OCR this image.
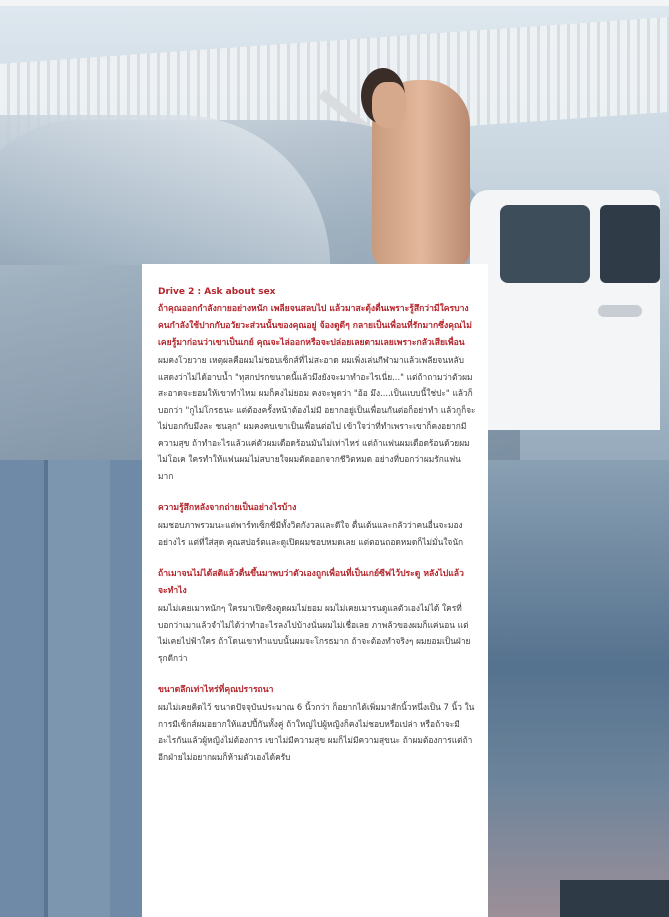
Drive 2 : Ask about sex

ถ้าคุณออกกำลังกายอย่างหนัก เพลียจนสลบไป แล้วมาสะดุ้งตื่นเพราะรู้สึกว่ามีใครบางคนกำลังใช้ปากกับอวัยวะส่วนนั้นของคุณอยู่ จ้องดูดีๆ กลายเป็นเพื่อนที่รักมากซึ่งคุณไม่เคยรู้มาก่อนว่าเขาเป็นเกย์ คุณจะไล่ออกหรือจะปล่อยเลยตามเลยเพราะกลัวเสียเพื่อน

ผมคงโวยวาย เหตุผลคือผมไม่ชอบเซ็กส์ที่ไม่สะอาด ผมเพิ่งเล่นกีฬามาแล้วเพลียจนหลับ แสดงว่าไม่ได้อาบน้ำ "ทุสกปรกขนาดนี้แล้วมึงยังจะมาทำอะไรเนี่ย..." แต่ถ้าถามว่าตัวผมสะอาดจะยอมให้เขาทำไหม ผมก็คงไม่ยอม คงจะพูดว่า "อ้อ มึง....เป็นแบบนี้ใช่ปะ" แล้วก็บอกว่า "กูไม่โกรธนะ แต่ต้องครั้งหน้าต้องไม่มี อยากอยู่เป็นเพื่อนกันต่อก็อย่าทำ แล้วกูก็จะไม่บอกกับมึงละ ชนลุก" ผมคงคบเขาเป็นเพื่อนต่อไป เข้าใจว่าที่ทำเพราะเขาก็คงอยากมีความสุข ถ้าทำอะไรแล้วแค่ตัวผมเดือดร้อนมันไม่เท่าไหร่ แต่ถ้าแฟนผมเดือดร้อนด้วยผมไม่โอเค ใครทำให้แฟนผมไม่สบายใจผมตัดออกจากชีวิตหมด อย่างที่บอกว่าผมรักแฟนมาก

ความรู้สึกหลังจากถ่ายเป็นอย่างไรบ้าง

ผมชอบภาพรวมนะแต่พาร์ทเซ็กซี่มีทั้งวิตกังวลและดีใจ ตื่นเต้นและกลัวว่าคนอื่นจะมองอย่างไร แต่ที่ใส่สุด คุณสปอร์ตและดูเปิดผมชอบหมดเลย แต่ตอนถอดหมดก็ไม่มั่นใจนัก

ถ้าเมาจนไม่ได้สติแล้วตื่นขึ้นมาพบว่าตัวเองถูกเพื่อนที่เป็นเกย์ซีฟไว้ประดู หลังไปแล้ว จะทำไง

ผมไม่เคยเมาหนักๆ ใครมาเปิดซิงตูดผมไม่ยอม ผมไม่เคยเมารนดูแลตัวเองไม่ได้ ใครที่บอกว่าเมาแล้วจำไม่ได้ว่าทำอะไรลงไปบ้างนั่นผมไม่เชื่อเลย ภาพล้วของผมก็แค่นอน แต่ไม่เคยไปฟ้าใคร ถ้าโดนเขาทำแบบนั้นผมจะโกรธมาก ถ้าจะต้องทำจริงๆ ผมยอมเป็นฝ่ายรุกดีกว่า

ขนาดลึกเท่าไหร่ที่คุณปรารถนา

ผมไม่เคยคิดไว้ ขนาดปัจจุบันประมาณ 6 นิ้วกว่า ก็อยากได้เพิ่มมาสักนิ้วหนึ่งเป็น 7 นิ้ว ในการมีเซ็กส์ผมอยากให้แฮปปี้กันทั้งคู่ ถ้าใหญ่ไปผู้หญิงก็คงไม่ชอบหรือเปล่า หรือถ้าจะมีอะไรกันแล้วผู้หญิงไม่ต้องการ เขาไม่มีความสุข ผมก็ไม่มีความสุขนะ ถ้าผมต้องการแต่ถ้าอีกฝ่ายไม่อยากผมก็ห้ามตัวเองได้ครับ
